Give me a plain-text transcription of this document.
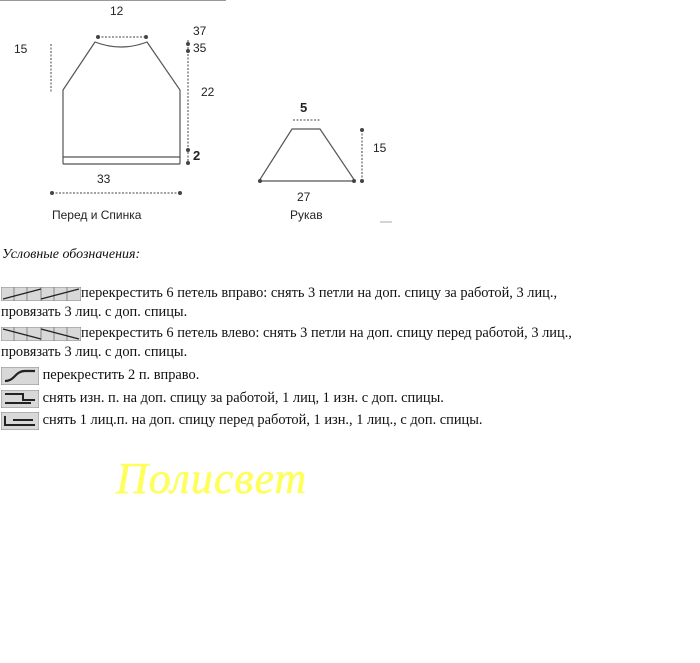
12
15
37
35
22
2
33
Перед и Спинка
5
15
27
Рукав
Условные обозначения:
перекрестить 6 петель вправо: снять 3 петли на доп. спицу за работой, 3 лиц.,
провязать 3 лиц. с доп. спицы.
перекрестить 6 петель влево: снять 3 петли на доп. спицу перед работой, 3 лиц.,
провязать 3 лиц. с доп. спицы.
перекрестить 2 п. вправо.
снять изн. п. на доп. спицу за работой, 1 лиц, 1 изн. с доп. спицы.
снять 1 лиц.п. на доп. спицу перед работой, 1 изн., 1 лиц., с доп. спицы.
Полисвет
